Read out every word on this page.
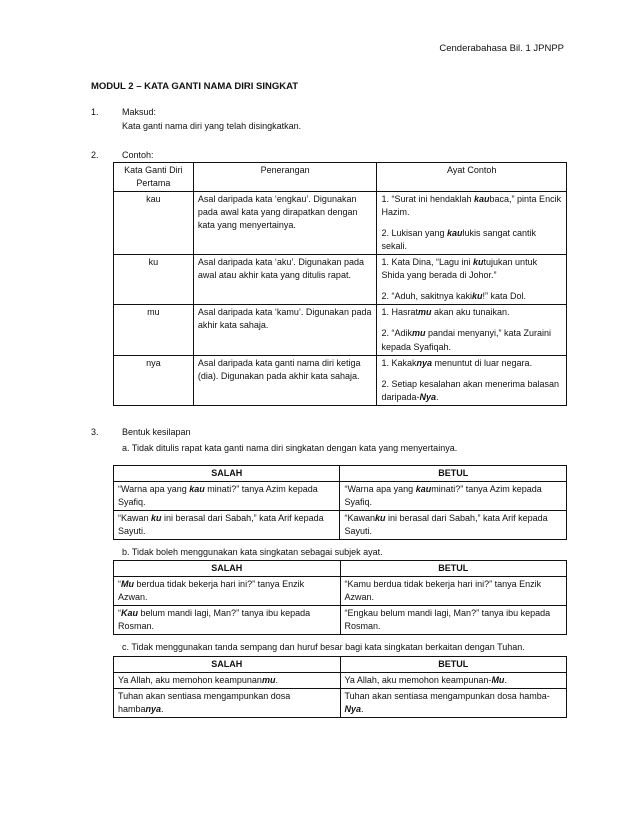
Cenderabahasa Bil. 1 JPNPP
MODUL 2 – KATA GANTI NAMA DIRI SINGKAT
1.	Maksud:
Kata ganti nama diri yang telah disingkatkan.
2.	Contoh:
Kata Ganti Diri Pertama	Penerangan	Ayat Contoh
kau	Asal daripada kata ‘engkau’. Digunakan pada awal kata yang dirapatkan dengan kata yang menyertainya.	1. “Surat ini hendaklah kaubaca,” pinta Encik Hazim.
2. Lukisan yang kaulukis sangat cantik sekali.
ku	Asal daripada kata ‘aku’. Digunakan pada awal atau akhir kata yang ditulis rapat.	1. Kata Dina, “Lagu ini kutujukan untuk Shida yang berada di Johor.”
2. “Aduh, sakitnya kakiku!” kata Dol.
mu	Asal daripada kata ‘kamu’. Digunakan pada akhir kata sahaja.	1. Hasratmu akan aku tunaikan.
2. “Adikmu pandai menyanyi,” kata Zuraini kepada Syafiqah.
nya	Asal daripada kata ganti nama diri ketiga (dia). Digunakan pada akhir kata sahaja.	1. Kakaknya menuntut di luar negara.
2. Setiap kesalahan akan menerima balasan daripada-Nya.
3.	Bentuk kesilapan
a. Tidak ditulis rapat kata ganti nama diri singkatan dengan kata yang menyertainya.
SALAH	BETUL
“Warna apa yang kau minati?” tanya Azim kepada Syafiq.	“Warna apa yang kauminati?” tanya Azim kepada Syafiq.
“Kawan ku ini berasal dari Sabah,” kata Arif kepada Sayuti.	“Kawanku ini berasal dari Sabah,” kata Arif kepada Sayuti.
b. Tidak boleh menggunakan kata singkatan sebagai subjek ayat.
SALAH	BETUL
“Mu berdua tidak bekerja hari ini?” tanya Enzik Azwan.	“Kamu berdua tidak bekerja hari ini?” tanya Enzik Azwan.
“Kau belum mandi lagi, Man?” tanya ibu kepada Rosman.	“Engkau belum mandi lagi, Man?” tanya ibu kepada Rosman.
c. Tidak menggunakan tanda sempang dan huruf besar bagi kata singkatan berkaitan dengan Tuhan.
SALAH	BETUL
Ya Allah, aku memohon keampunanmu.	Ya Allah, aku memohon keampunan-Mu.
Tuhan akan sentiasa mengampunkan dosa hambanya.	Tuhan akan sentiasa mengampunkan dosa hamba-Nya.
